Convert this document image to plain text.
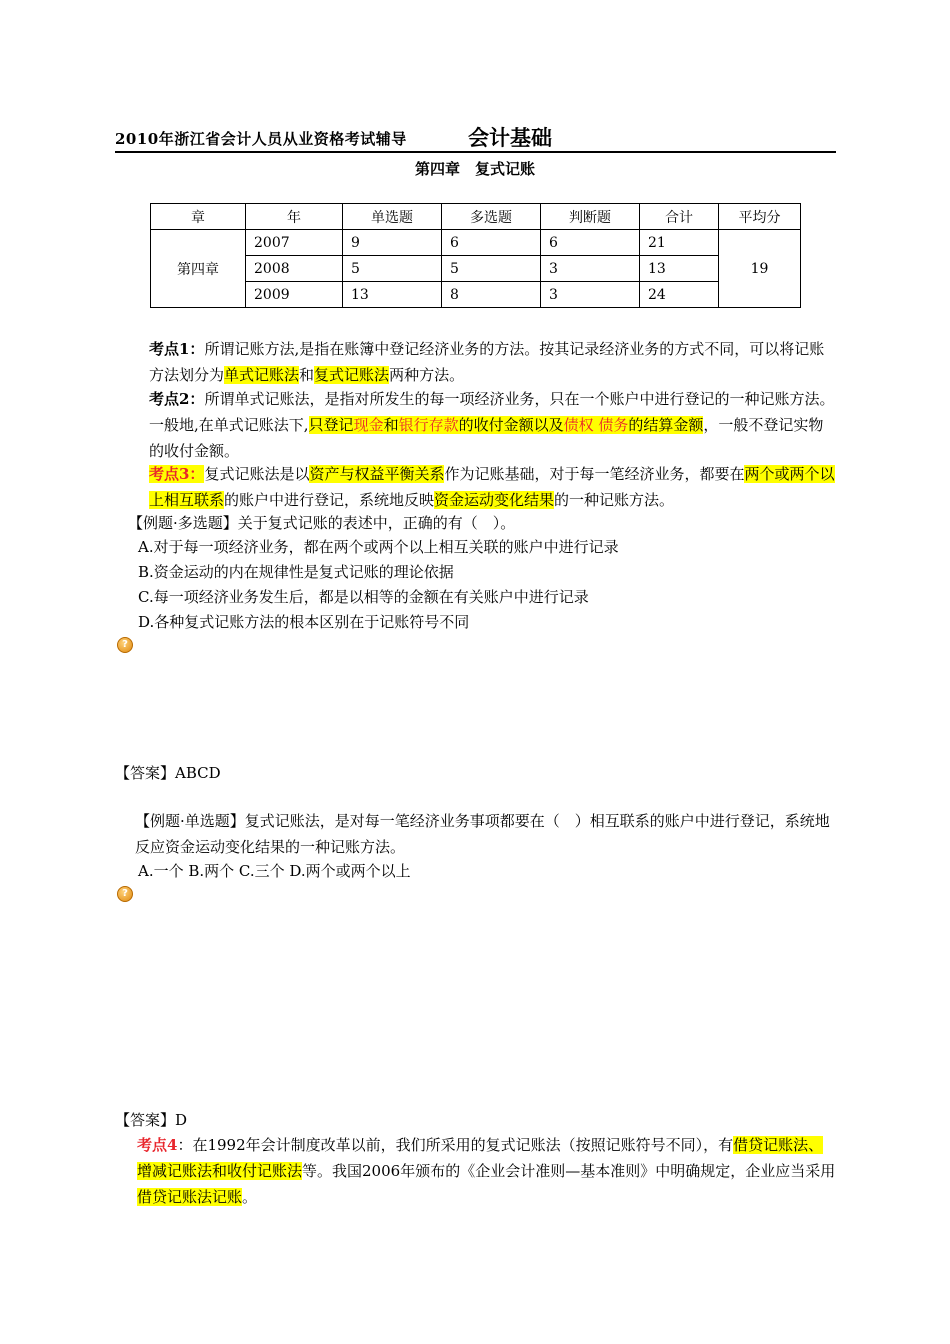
2010年浙江省会计人员从业资格考试辅导	会计基础
第四章　复式记账
章	年	单选题	多选题	判断题	合计	平均分
第四章	2007	9	6	6	21	19
	2008	5	5	3	13	
	2009	13	8	3	24	
考点1：所谓记账方法,是指在账簿中登记经济业务的方法。按其记录经济业务的方式不同，可以将记账方法划分为单式记账法和复式记账法两种方法。
考点2：所谓单式记账法，是指对所发生的每一项经济业务，只在一个账户中进行登记的一种记账方法。一般地,在单式记账法下,只登记现金和银行存款的收付金额以及债权 债务的结算金额，一般不登记实物的收付金额。
考点3：复式记账法是以资产与权益平衡关系作为记账基础，对于每一笔经济业务，都要在两个或两个以上相互联系的账户中进行登记，系统地反映资金运动变化结果的一种记账方法。
【例题·多选题】关于复式记账的表述中，正确的有（　）。
A.对于每一项经济业务，都在两个或两个以上相互关联的账户中进行记录
B.资金运动的内在规律性是复式记账的理论依据
C.每一项经济业务发生后，都是以相等的金额在有关账户中进行记录
D.各种复式记账方法的根本区别在于记账符号不同
?
【答案】ABCD
【例题·单选题】复式记账法，是对每一笔经济业务事项都要在（　）相互联系的账户中进行登记，系统地反应资金运动变化结果的一种记账方法。
A.一个 B.两个 C.三个 D.两个或两个以上
?
【答案】D
考点4：在1992年会计制度改革以前，我们所采用的复式记账法（按照记账符号不同），有借贷记账法、增减记账法和收付记账法等。我国2006年颁布的《企业会计准则—基本准则》中明确规定，企业应当采用借贷记账法记账。
